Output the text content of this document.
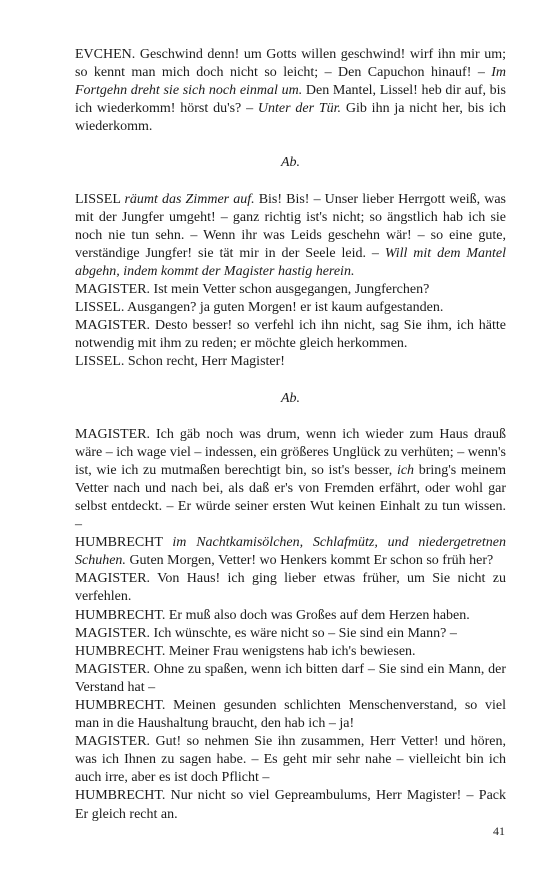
EVCHEN. Geschwind denn! um Gotts willen geschwind! wirf ihn mir um; so kennt man mich doch nicht so leicht; – Den Capuchon hinauf! – Im Fortgehn dreht sie sich noch einmal um. Den Mantel, Lissel! heb dir auf, bis ich wiederkomm! hörst du's? – Unter der Tür. Gib ihn ja nicht her, bis ich wiederkomm.

Ab.

LISSEL räumt das Zimmer auf. Bis! Bis! – Unser lieber Herrgott weiß, was mit der Jungfer umgeht! – ganz richtig ist's nicht; so ängstlich hab ich sie noch nie tun sehn. – Wenn ihr was Leids geschehn wär! – so eine gute, verständige Jungfer! sie tät mir in der Seele leid. – Will mit dem Mantel abgehn, indem kommt der Magister hastig herein.

MAGISTER. Ist mein Vetter schon ausgegangen, Jungferchen?

LISSEL. Ausgangen? ja guten Morgen! er ist kaum aufgestanden.

MAGISTER. Desto besser! so verfehl ich ihn nicht, sag Sie ihm, ich hätte notwendig mit ihm zu reden; er möchte gleich herkommen.

LISSEL. Schon recht, Herr Magister!

Ab.

MAGISTER. Ich gäb noch was drum, wenn ich wieder zum Haus drauß wäre – ich wage viel – indessen, ein größeres Unglück zu verhüten; – wenn's ist, wie ich zu mutmaßen berechtigt bin, so ist's besser, ich bring's meinem Vetter nach und nach bei, als daß er's von Fremden erfährt, oder wohl gar selbst entdeckt. – Er würde seiner ersten Wut keinen Einhalt zu tun wissen. –

HUMBRECHT im Nachtkamisölchen, Schlafmütz, und niedergetretnen Schuhen. Guten Morgen, Vetter! wo Henkers kommt Er schon so früh her?

MAGISTER. Von Haus! ich ging lieber etwas früher, um Sie nicht zu verfehlen.

HUMBRECHT. Er muß also doch was Großes auf dem Herzen haben.

MAGISTER. Ich wünschte, es wäre nicht so – Sie sind ein Mann? –

HUMBRECHT. Meiner Frau wenigstens hab ich's bewiesen.

MAGISTER. Ohne zu spaßen, wenn ich bitten darf – Sie sind ein Mann, der Verstand hat –

HUMBRECHT. Meinen gesunden schlichten Menschenverstand, so viel man in die Haushaltung braucht, den hab ich – ja!

MAGISTER. Gut! so nehmen Sie ihn zusammen, Herr Vetter! und hören, was ich Ihnen zu sagen habe. – Es geht mir sehr nahe – vielleicht bin ich auch irre, aber es ist doch Pflicht –

HUMBRECHT. Nur nicht so viel Gepreambulums, Herr Magister! – Pack Er gleich recht an.

41
